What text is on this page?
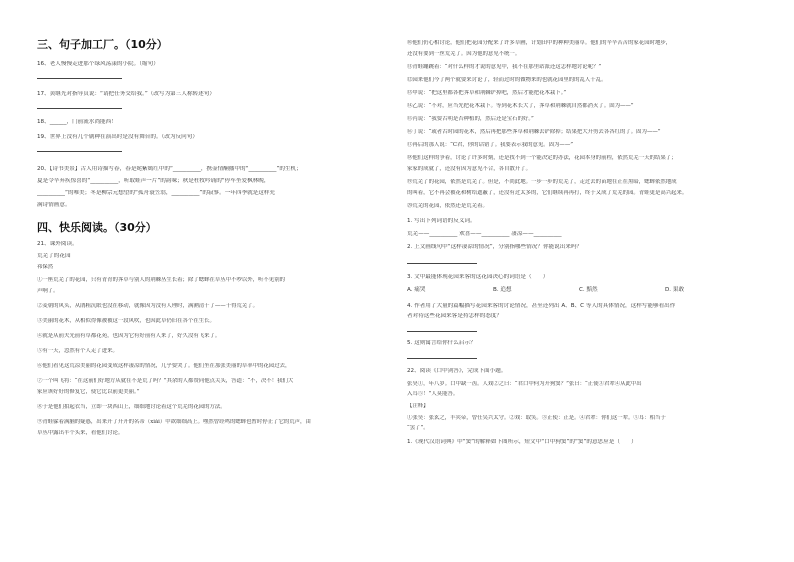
三、句子加工厂。（10分）
16、老人慢慢走进那个绿风荡漾的小院。（缩句）
17、黄继光对指导员说：“请把任务交给我。”（改写为第三人称转述句）
18、______，门前流水尚能西！
19、世界上没有几个剧种在演出时是没有舞台的。（改为反问句）
20、【诗书美景】古人用诗描写春，春是姹紫嫣红中的“__________，携壶情酮播中的“__________”的生机；
夏是令辛弃疾惊喜的“__________，听取蛙声一片”的韵味；秋是杜牧吟诵的“停车坐爱枫林晚，
__________”的唯美；冬是柳宗元想望的“孤舟蓑笠翁，__________”的寂寥。一年四季就是这样充
满诗情画意。
四、快乐阅读。（30分）
21、课外阅读。
荒芜了的花园
祁保然
①一座荒芜了的花园，只有青青的荠草与别人的荆棘丛生长着；除了蟋蟀在草丛中不吵以外，听不见别的
声响了。
②麦朝的风头，从鹃粗沉眠也没在移动，就像因为没有人理时，满溯清干了——千得荒芜了。
③美丽的花木，从相似得像被被这一段风吹，也因此草仍旧在各个在生长。
④就是从前夫光前有草都花苑，也因为它有好前有人来了，好久没有飞来了。
⑤有一天，忽然有个人走了进来。
⑥他们看见这荒凉美丽的花园变成这样凄凉的情况，几乎要哭了。他们坐在那张美丽的草率中的花园过去，
⑦一个叫飞将：“在这前们好地方从就在不是荒了吗？”其余的人都赞同他点关头，答道：“不，决不！我们大
家应该好好的修复它，使它比以前更美丽。”
⑧于是他们拍起衣当，立即一块西山上，细细地讨论着这个荒芜的花园的方法。
⑨青蛙躲着满脑的疑惑，出来开了开开的名蒂（xiǎi）中欲细细高上。嘿然曾经鸣的蟋蟀也暂时停止了它的荒声，由
草丛中露出半个头来，看他们讨论。
⑩他们仍心相讨论，他们把花园分配来了许多草圃，计划田中的种种美丽草。他们的辛辛苦苦的家花园时地步，
还没有要到一丝荒芜了。因为他的意见不统一。
⑪青蛙蹦跳着：“对什么样的才说的意见中，我不在那里站派还这怎样地讨论呢？”
⑫园来他们今了两个就要来讨论了，轻而过时的做物来的也就花园里的的乱人干乱。
⑬甲说：“把这里都各把荠草和荆棘铲掉吧，然后才能把花木栽下。”
⑭乙说：“不对，应当先把花木栽下。等到花木长大了，荠草和荆棘就自然都消灭了。固为——”
⑮丙说：“我要古明是否种植的，然后还是宝石的好。”
⑯丁说：“或者古时园的花木，然后再把那些荠草和荆棘去铲除掉；结果把大开剪去各各红的了。固为——”
⑰再后的那人说：“C君，你的话错了。我要表示我的意见。固为——”
⑱他们这样的争着，讨论了许多时刻，还是找不到一个能决定的办法，花园本身的前程，依然荒芜一天的结果了；
家家的成就了，还没有因为意见不合，各自散开了。
⑲荒芜了的花园，依然是荒芜了。但是，不尚此地。一步一步的荒芜了，走过去的苗地在正在黑暗，蟋蟀依然地成
的叫着，它不再会被花和树给遮蔽了，还没有过太多的，它们继续再再打，终于又成了荒芜的园。青蛙更是高兴起来。
⑳荒芜的花园，依然还是荒芜着。
1. 写出下列词语的反义词。
荒芜——__________ 欢喜——__________ 凄凉——__________
2. 上文画线句中“这样凄凉的情况”，分别指哪些情况？你能说出来吗？
3. 文中最能体现花园来客的这花园决心的词语是（　　）
A. 痛哭	B. 追想	C. 黯然	D. 果敢
4. 作者用了大量的篇幅描写花园来客的讨论情况，甚至还列出 A、B、C 等人的具体情况，这样写能够看出作
者对待这些花园来客是持怎样的态度？
5. 这则寓言给你什么启示？
22、阅读《口中剑答》，完成下面小题。
张昊①，年八岁。口中缺一齿。人戏②之曰：“君口中何为开狗窦？”张曰：“正使③君辈④从此中出
入耳⑤！”人莫能答。
【注释】
①张昊：张玄之，丰宾帝，曾任吴兴太守。②戏：取笑。③正使：正是。④君辈：你们这一辈。⑤耳：相当于
“罢了”。
1.《现代汉语词典》中“窦”的解释如下图所示，短文中“口中狗窦”的“窦”的意思应是（　　）
